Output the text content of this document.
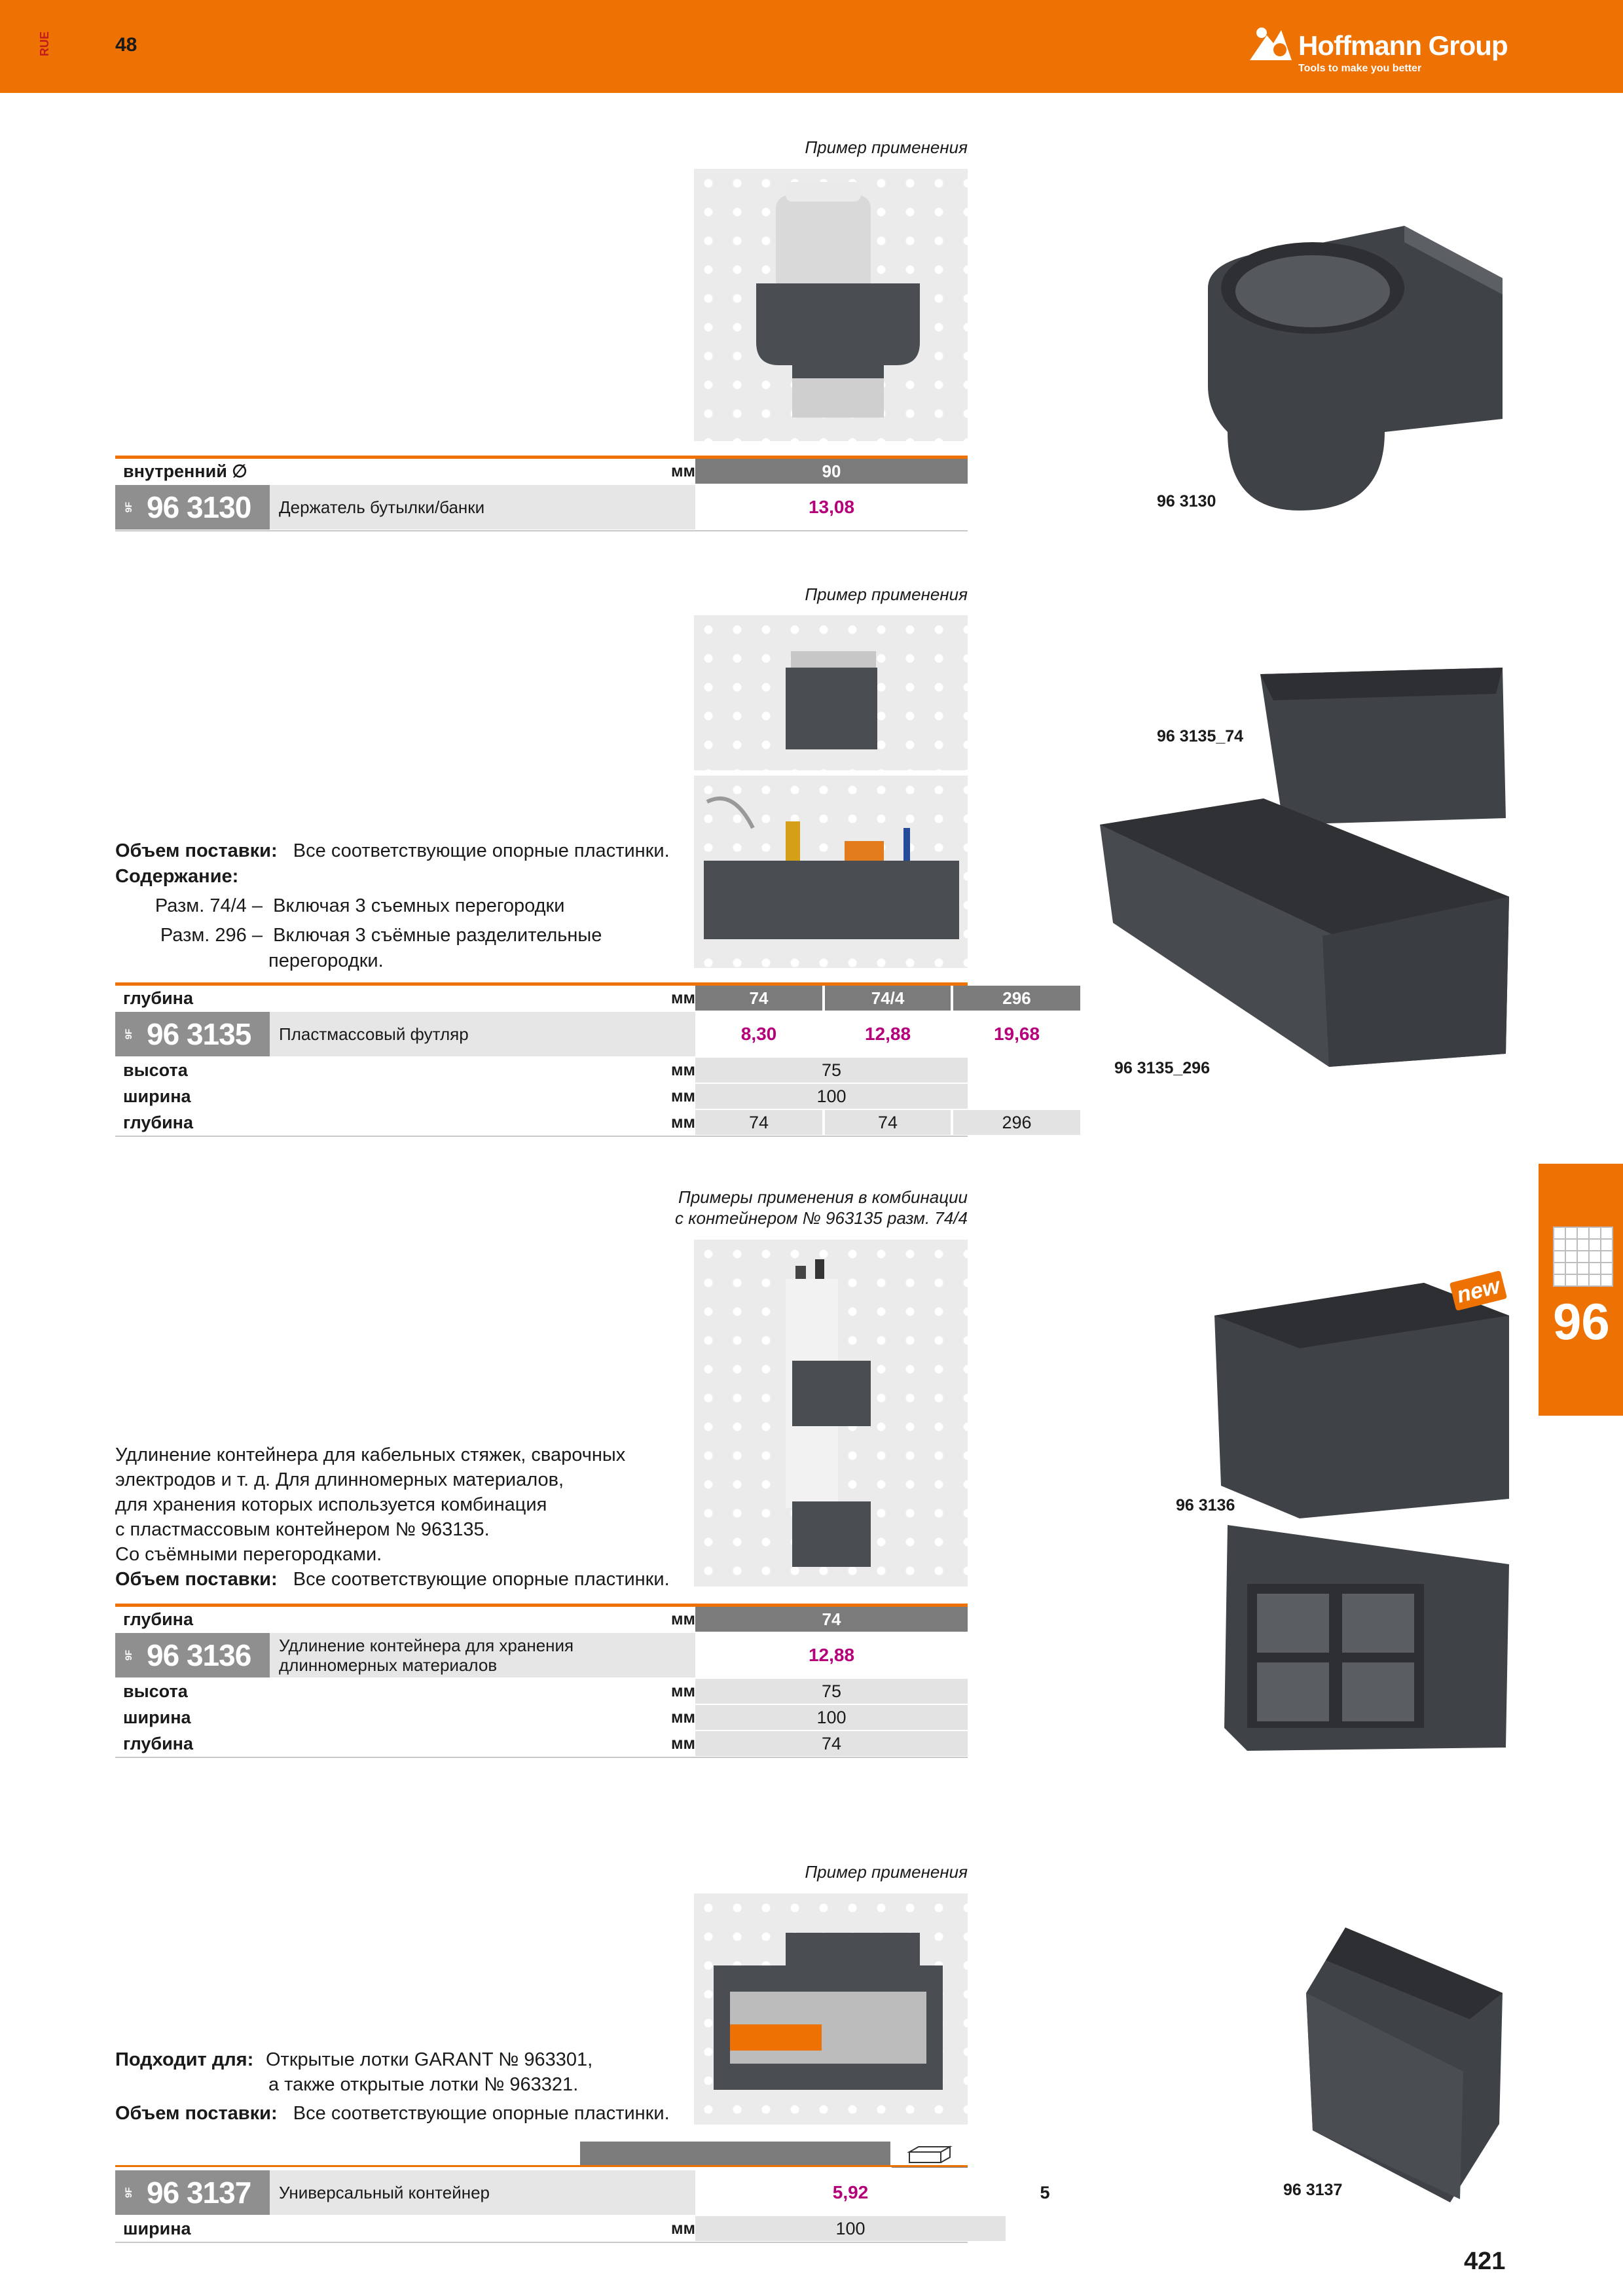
RUE	48	Hoffmann Group
Tools to make you better
Пример применения
96 3130
внутренний ∅	мм	90
9F 96 3130	Держатель бутылки/банки	13,08
Пример применения
Объем поставки: Все соответствующие опорные пластинки.
Содержание:
Разм. 74/4 – Включая 3 съемных перегородки
Разм. 296 – Включая 3 съёмные разделительные
перегородки.
96 3135_74
96 3135_296
глубина	мм	74	74/4	296
9F 96 3135	Пластмассовый футляр	8,30	12,88	19,68
высота	мм	75
ширина	мм	100
глубина	мм	74	74	296
Примеры применения в комбинации
с контейнером № 963135 разм. 74/4
Удлинение контейнера для кабельных стяжек, сварочных
электродов и т. д. Для длинномерных материалов,
для хранения которых используется комбинация
с пластмассовым контейнером № 963135.
Со съёмными перегородками.
Объем поставки: Все соответствующие опорные пластинки.
96 3136
new
глубина	мм	74
9F 96 3136 Удлинение контейнера для хранения
длинномерных материалов	12,88
высота	мм	75
ширина	мм	100
глубина	мм	74
Пример применения
Подходит для: Открытые лотки GARANT № 963301,
а также открытые лотки № 963321.
Объем поставки: Все соответствующие опорные пластинки.
96 3137
9F 96 3137	Универсальный контейнер	5,92	5
ширина	мм	100
96
421
